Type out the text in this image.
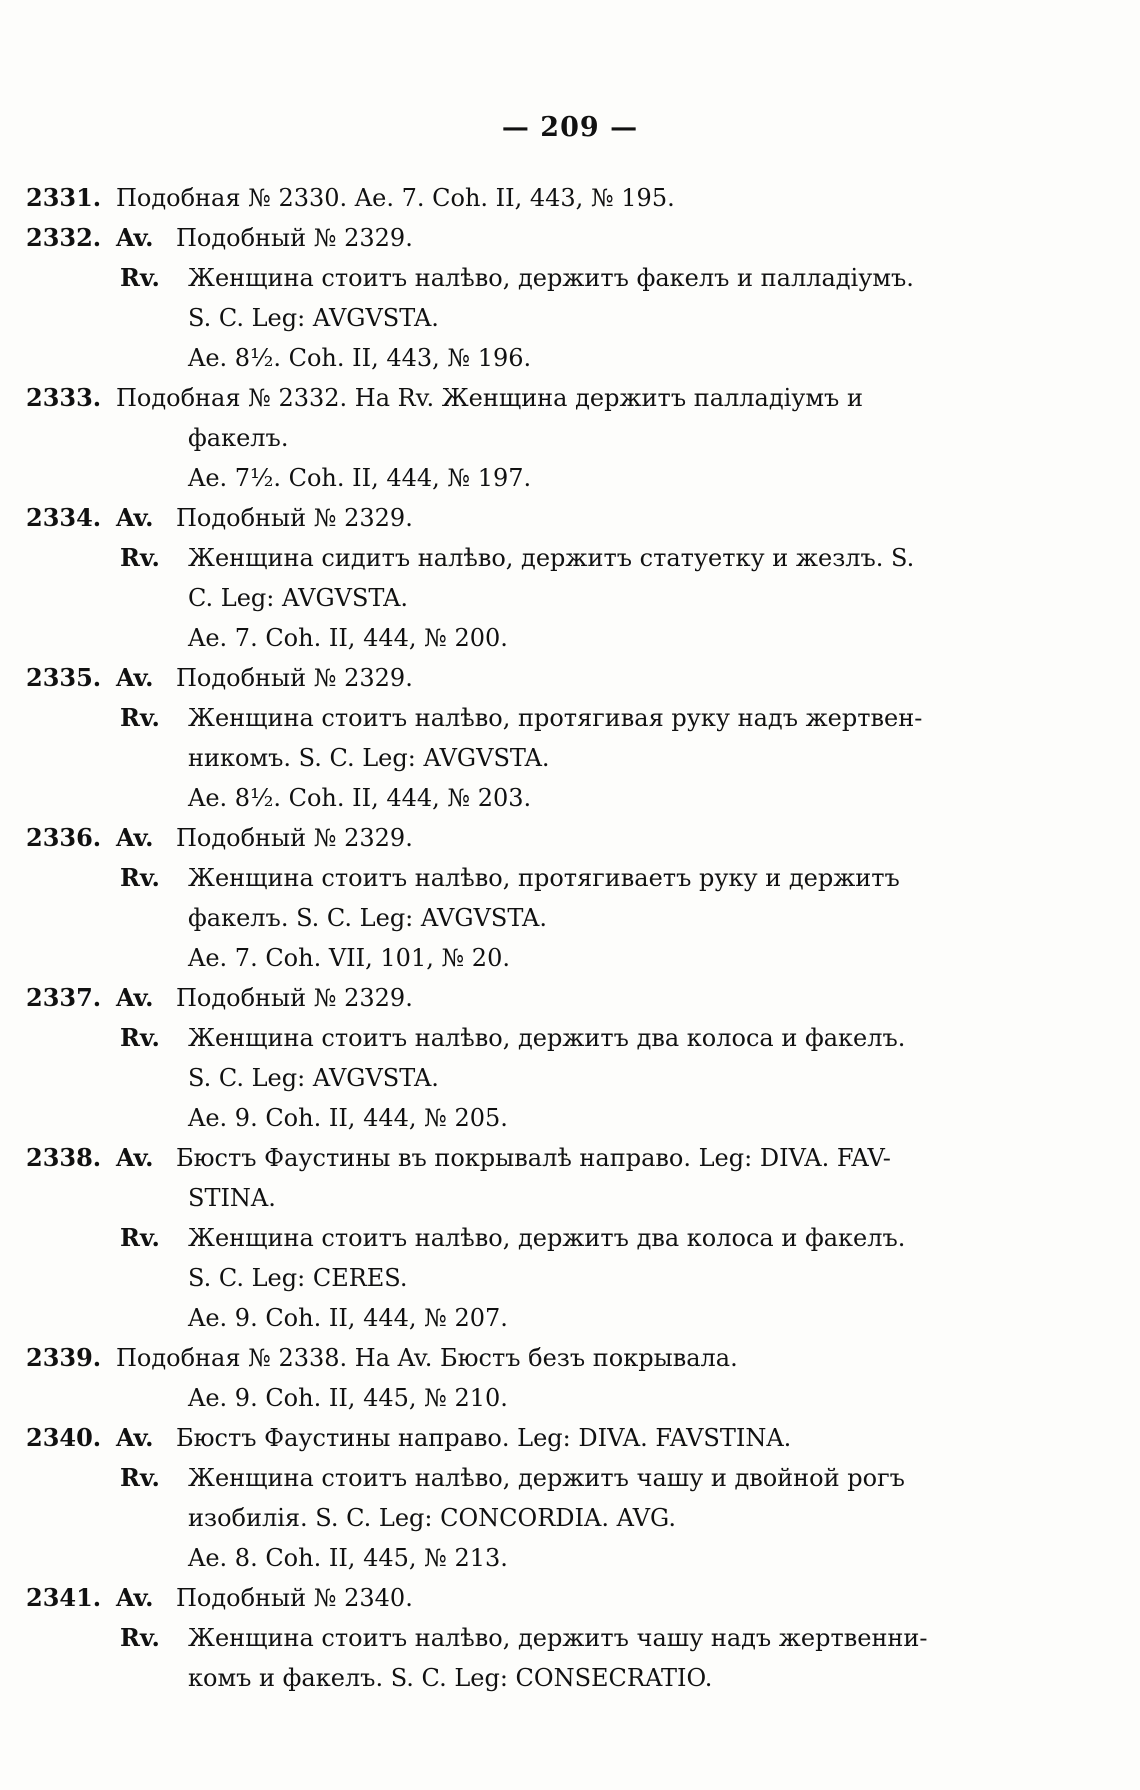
— 209 —
2331. Подобная № 2330. Ae. 7. Coh. II, 443, № 195.
2332. Av. Подобный № 2329.
Rv. Женщина стоитъ налѣво, держитъ факелъ и палладіумъ.
S. C. Leg: AVGVSTA.
Ae. 8½. Coh. II, 443, № 196.
2333. Подобная № 2332. На Rv. Женщина держитъ палладіумъ и
факелъ.
Ae. 7½. Coh. II, 444, № 197.
2334. Av. Подобный № 2329.
Rv. Женщина сидитъ налѣво, держитъ статуетку и жезлъ. S.
C. Leg: AVGVSTA.
Ae. 7. Coh. II, 444, № 200.
2335. Av. Подобный № 2329.
Rv. Женщина стоитъ налѣво, протягивая руку надъ жертвен-
никомъ. S. C. Leg: AVGVSTA.
Ae. 8½. Coh. II, 444, № 203.
2336. Av. Подобный № 2329.
Rv. Женщина стоитъ налѣво, протягиваетъ руку и держитъ
факелъ. S. C. Leg: AVGVSTA.
Ae. 7. Coh. VII, 101, № 20.
2337. Av. Подобный № 2329.
Rv. Женщина стоитъ налѣво, держитъ два колоса и факелъ.
S. C. Leg: AVGVSTA.
Ae. 9. Coh. II, 444, № 205.
2338. Av. Бюстъ Фаустины въ покрывалѣ направо. Leg: DIVA. FAV-
STINA.
Rv. Женщина стоитъ налѣво, держитъ два колоса и факелъ.
S. C. Leg: CERES.
Ae. 9. Coh. II, 444, № 207.
2339. Подобная № 2338. На Av. Бюстъ безъ покрывала.
Ae. 9. Coh. II, 445, № 210.
2340. Av. Бюстъ Фаустины направо. Leg: DIVA. FAVSTINA.
Rv. Женщина стоитъ налѣво, держитъ чашу и двойной рогъ
изобилія. S. C. Leg: CONCORDIA. AVG.
Ae. 8. Coh. II, 445, № 213.
2341. Av. Подобный № 2340.
Rv. Женщина стоитъ налѣво, держитъ чашу надъ жертвенни-
комъ и факелъ. S. C. Leg: CONSECRATIO.
